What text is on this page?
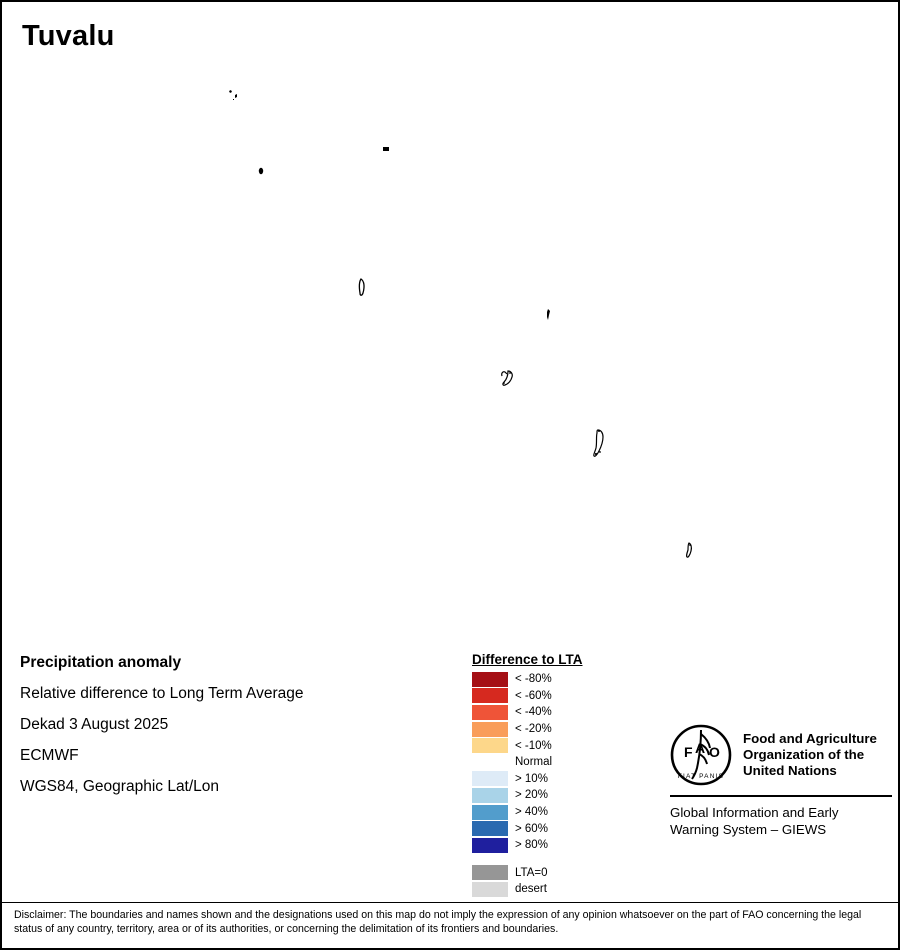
Tuvalu
Precipitation anomaly
Relative difference to Long Term Average
Dekad 3 August 2025
ECMWF
WGS84, Geographic Lat/Lon
Difference to LTA
< -80%
< -60%
< -40%
< -20%
< -10%
Normal
> 10%
> 20%
> 40%
> 60%
> 80%
LTA=0
desert
F A O
FIAT PANIS
Food and Agriculture
Organization of the
United Nations
Global Information and Early
Warning System – GIEWS
Disclaimer: The boundaries and names shown and the designations used on this map do not imply the expression of any opinion whatsoever on the part of FAO concerning the legal status of any country, territory, area or of its authorities, or concerning the delimitation of its frontiers and boundaries.
